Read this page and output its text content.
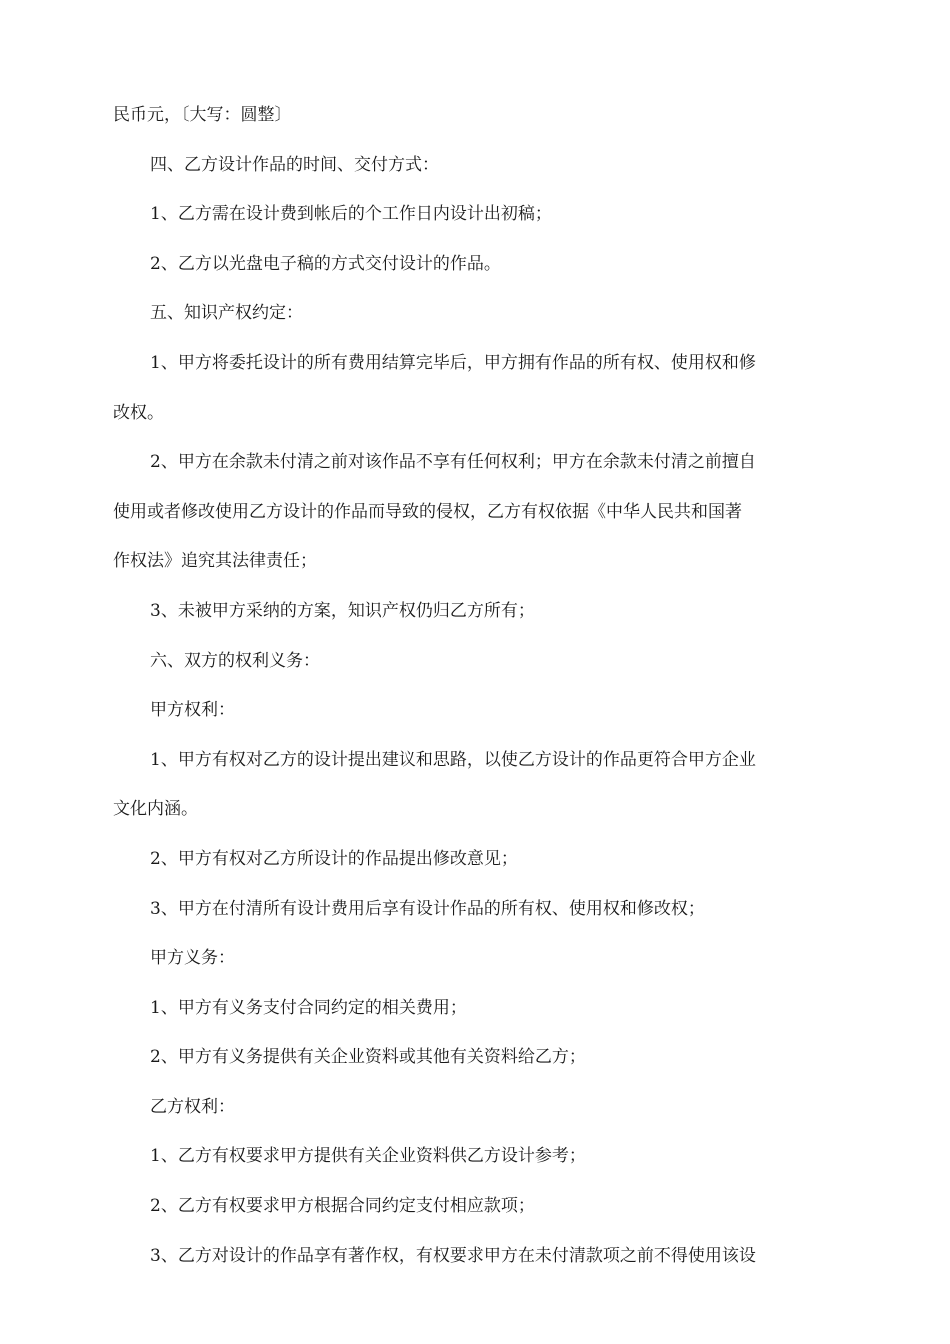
民币元，〔大写：圆整〕
四、乙方设计作品的时间、交付方式：
1、乙方需在设计费到帐后的个工作日内设计出初稿；
2、乙方以光盘电子稿的方式交付设计的作品。
五、知识产权约定：
1、甲方将委托设计的所有费用结算完毕后，甲方拥有作品的所有权、使用权和修
改权。
2、甲方在余款未付清之前对该作品不享有任何权利；甲方在余款未付清之前擅自
使用或者修改使用乙方设计的作品而导致的侵权，乙方有权依据《中华人民共和国著
作权法》追究其法律责任；
3、未被甲方采纳的方案，知识产权仍归乙方所有；
六、双方的权利义务：
甲方权利：
1、甲方有权对乙方的设计提出建议和思路，以使乙方设计的作品更符合甲方企业
文化内涵。
2、甲方有权对乙方所设计的作品提出修改意见；
3、甲方在付清所有设计费用后享有设计作品的所有权、使用权和修改权；
甲方义务：
1、甲方有义务支付合同约定的相关费用；
2、甲方有义务提供有关企业资料或其他有关资料给乙方；
乙方权利：
1、乙方有权要求甲方提供有关企业资料供乙方设计参考；
2、乙方有权要求甲方根据合同约定支付相应款项；
3、乙方对设计的作品享有著作权，有权要求甲方在未付清款项之前不得使用该设
